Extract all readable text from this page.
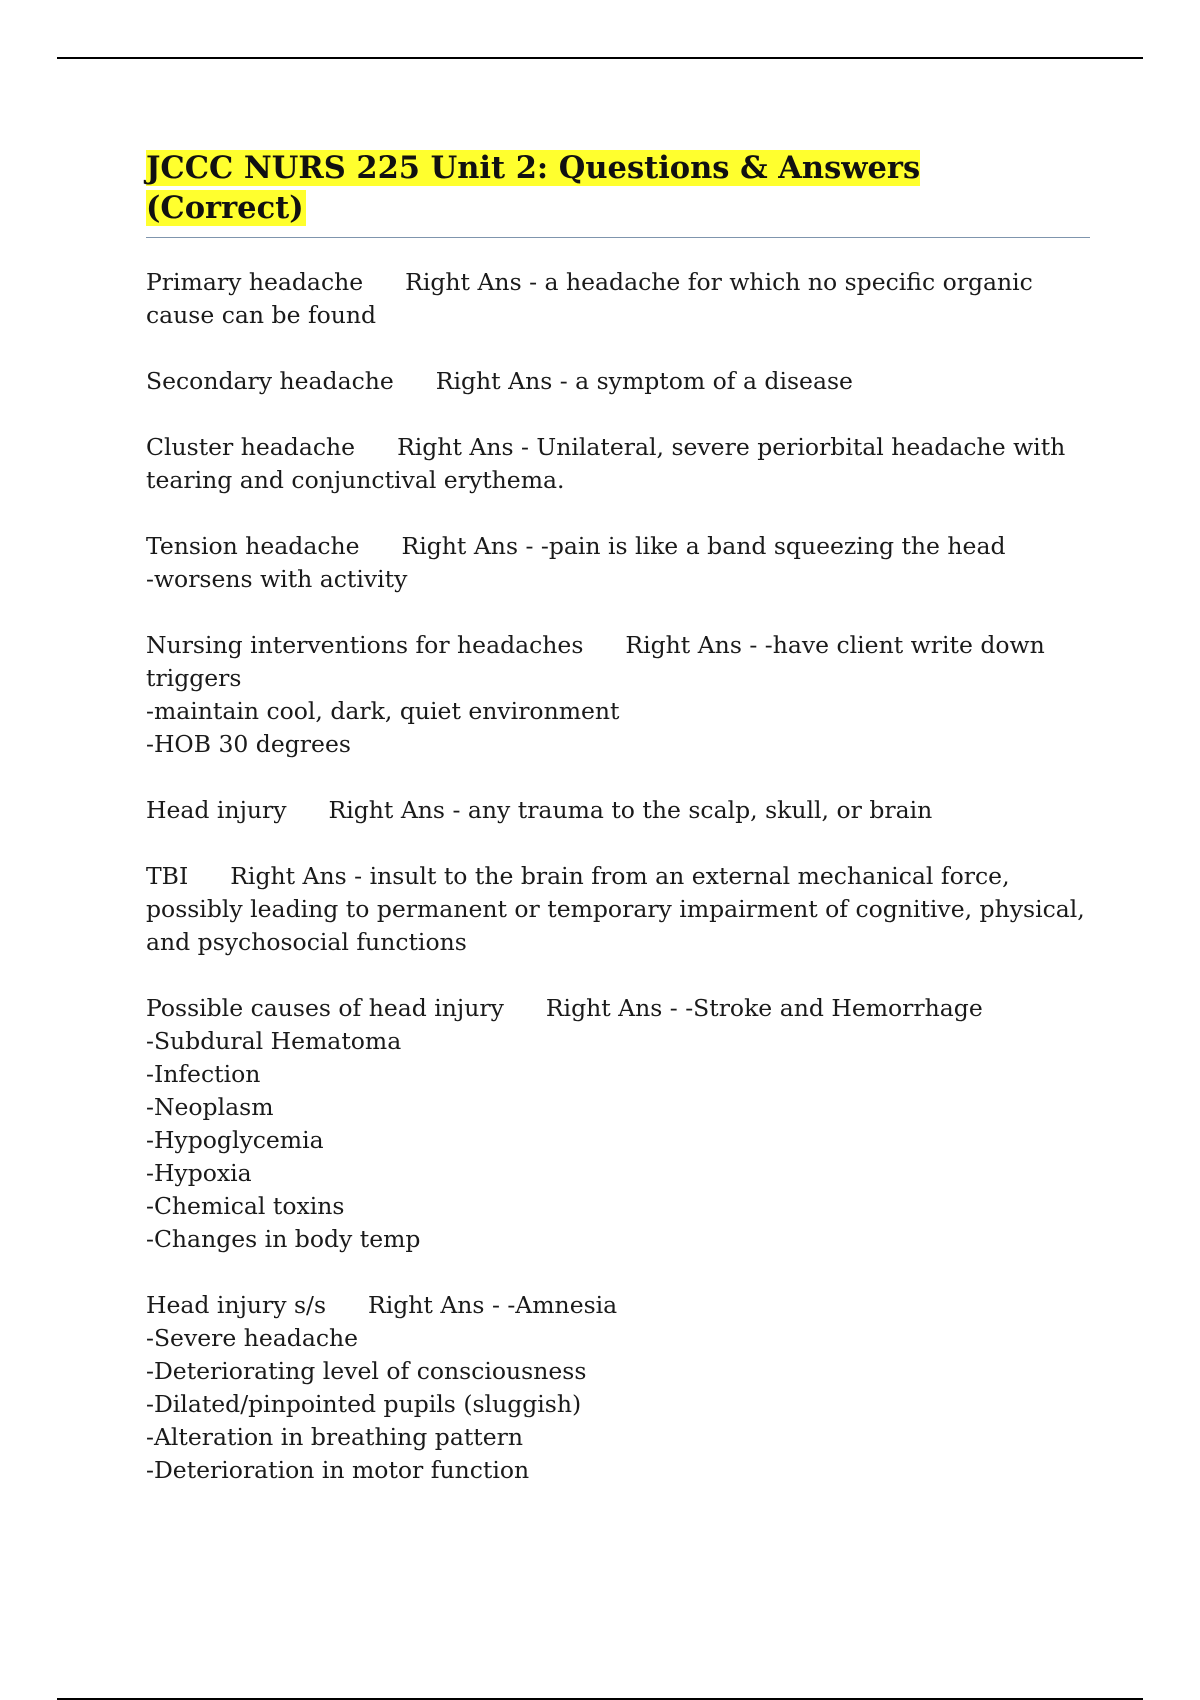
JCCC NURS 225 Unit 2: Questions & Answers (Correct)
Primary headache Right Ans - a headache for which no specific organic cause can be found
Secondary headache Right Ans - a symptom of a disease
Cluster headache Right Ans - Unilateral, severe periorbital headache with tearing and conjunctival erythema.
Tension headache Right Ans - -pain is like a band squeezing the head
-worsens with activity
Nursing interventions for headaches Right Ans - -have client write down triggers
-maintain cool, dark, quiet environment
-HOB 30 degrees
Head injury Right Ans - any trauma to the scalp, skull, or brain
TBI Right Ans - insult to the brain from an external mechanical force, possibly leading to permanent or temporary impairment of cognitive, physical, and psychosocial functions
Possible causes of head injury Right Ans - -Stroke and Hemorrhage
-Subdural Hematoma
-Infection
-Neoplasm
-Hypoglycemia
-Hypoxia
-Chemical toxins
-Changes in body temp
Head injury s/s Right Ans - -Amnesia
-Severe headache
-Deteriorating level of consciousness
-Dilated/pinpointed pupils (sluggish)
-Alteration in breathing pattern
-Deterioration in motor function
